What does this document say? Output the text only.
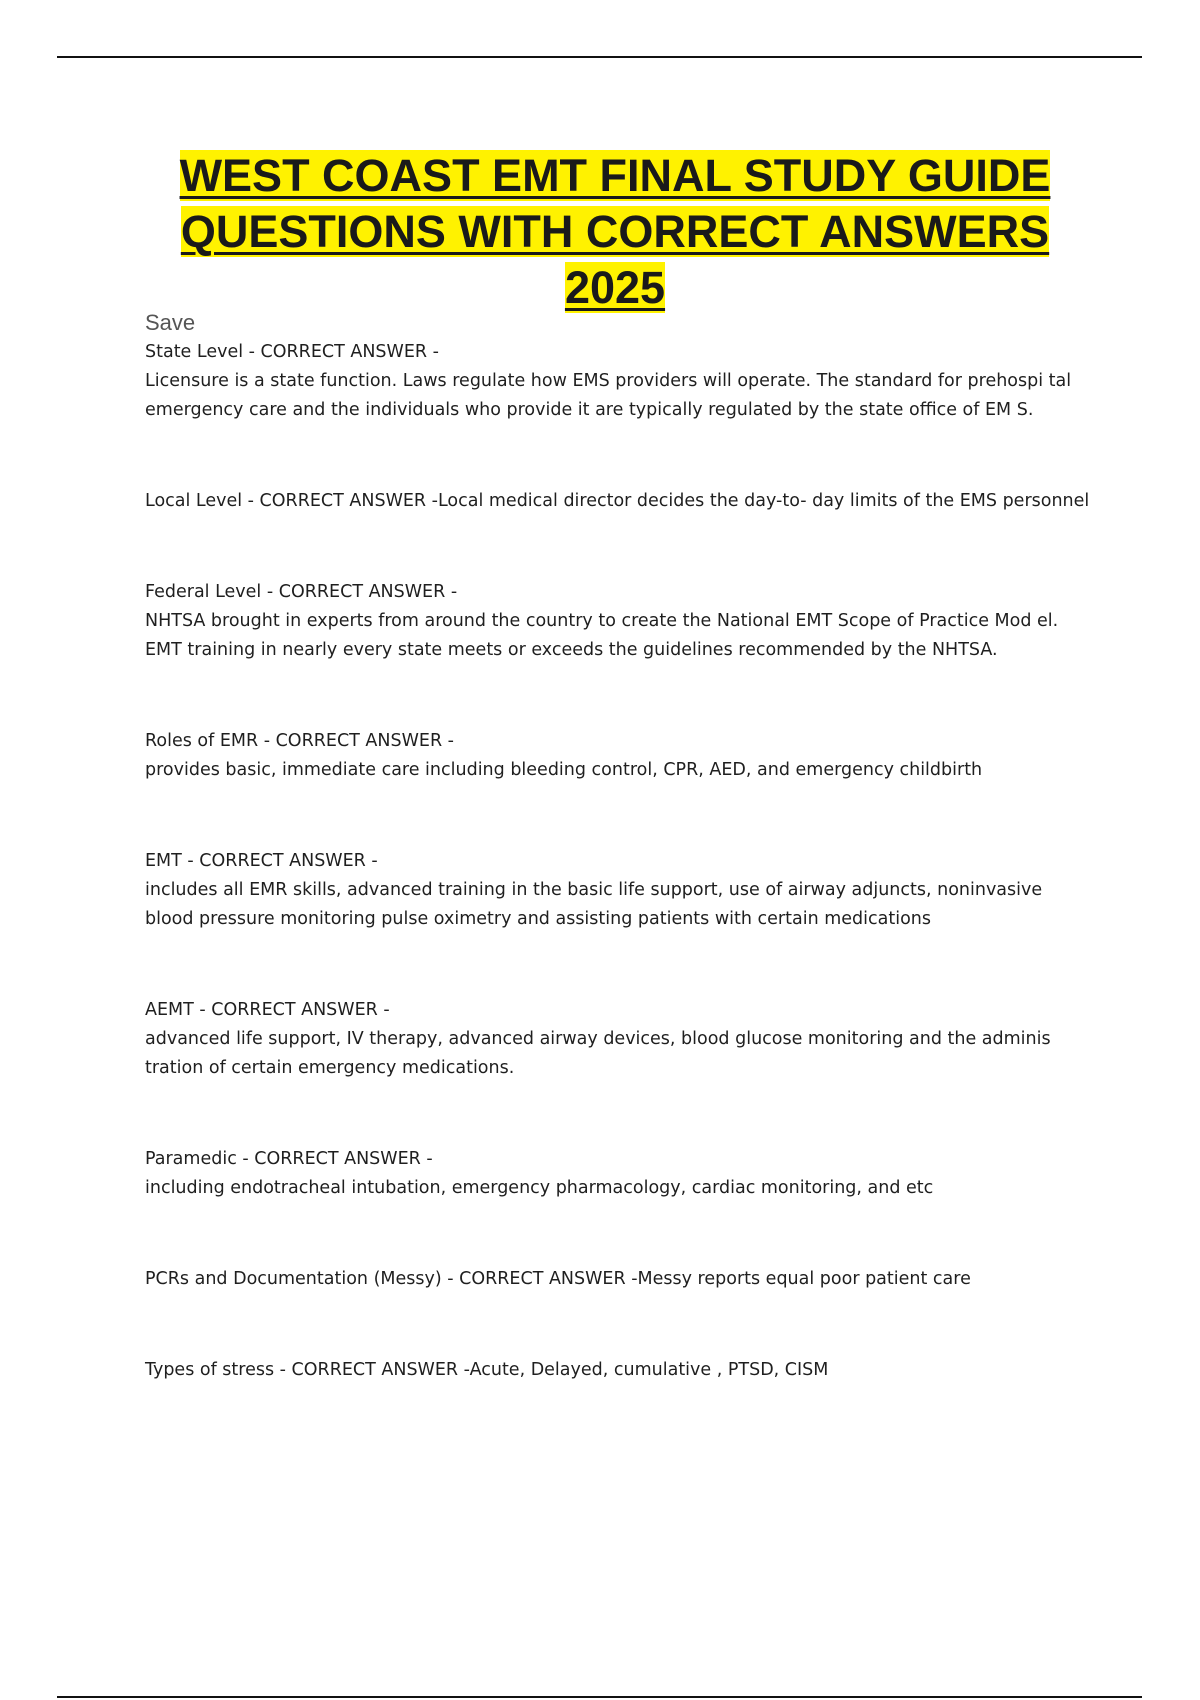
WEST COAST EMT FINAL STUDY GUIDE
QUESTIONS WITH CORRECT ANSWERS
2025
Save
State Level - CORRECT ANSWER -
Licensure is a state function. Laws regulate how EMS providers will operate. The standard for prehospi tal emergency care and the individuals who provide it are typically regulated by the state office of EM S.
Local Level - CORRECT ANSWER -Local medical director decides the day-to- day limits of the EMS personnel
Federal Level - CORRECT ANSWER -
NHTSA brought in experts from around the country to create the National EMT Scope of Practice Mod el. EMT training in nearly every state meets or exceeds the guidelines recommended by the NHTSA.
Roles of EMR - CORRECT ANSWER -
provides basic, immediate care including bleeding control, CPR, AED, and emergency childbirth
EMT - CORRECT ANSWER -
includes all EMR skills, advanced training in the basic life support, use of airway adjuncts, noninvasive blood pressure monitoring pulse oximetry and assisting patients with certain medications
AEMT - CORRECT ANSWER -
advanced life support, IV therapy, advanced airway devices, blood glucose monitoring and the adminis tration of certain emergency medications.
Paramedic - CORRECT ANSWER -
including endotracheal intubation, emergency pharmacology, cardiac monitoring, and etc
PCRs and Documentation (Messy) - CORRECT ANSWER -Messy reports equal poor patient care
Types of stress - CORRECT ANSWER -Acute, Delayed, cumulative , PTSD, CISM
